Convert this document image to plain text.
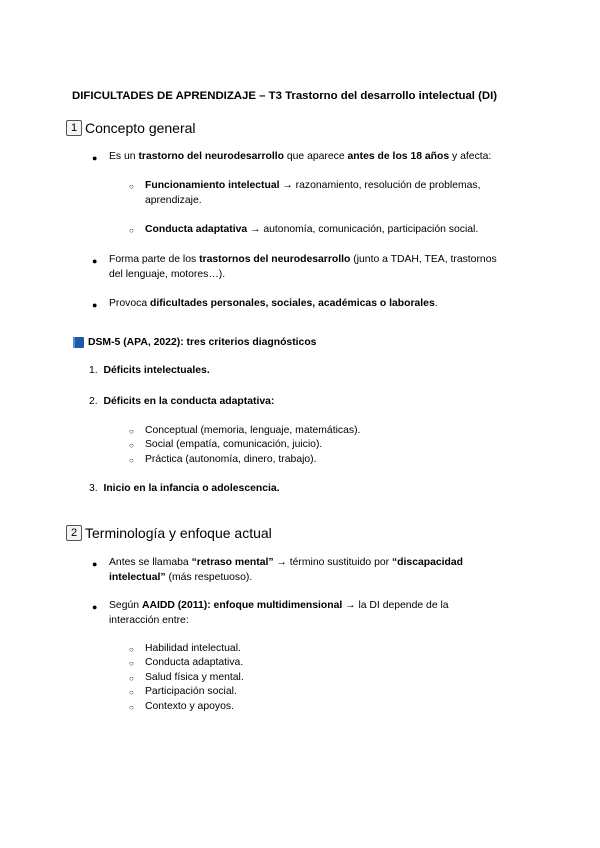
DIFICULTADES DE APRENDIZAJE – T3 Trastorno del desarrollo intelectual (DI)
1 Concepto general
● Es un trastorno del neurodesarrollo que aparece antes de los 18 años y afecta:
○ Funcionamiento intelectual → razonamiento, resolución de problemas,
aprendizaje.
○ Conducta adaptativa → autonomía, comunicación, participación social.
● Forma parte de los trastornos del neurodesarrollo (junto a TDAH, TEA, trastornos
del lenguaje, motores…).
● Provoca dificultades personales, sociales, académicas o laborales.
DSM-5 (APA, 2022): tres criterios diagnósticos
1. Déficits intelectuales.
2. Déficits en la conducta adaptativa:
○ Conceptual (memoria, lenguaje, matemáticas).
○ Social (empatía, comunicación, juicio).
○ Práctica (autonomía, dinero, trabajo).
3. Inicio en la infancia o adolescencia.
2 Terminología y enfoque actual
● Antes se llamaba “retraso mental” → término sustituido por “discapacidad
intelectual” (más respetuoso).
● Según AAIDD (2011): enfoque multidimensional → la DI depende de la
interacción entre:
○ Habilidad intelectual.
○ Conducta adaptativa.
○ Salud física y mental.
○ Participación social.
○ Contexto y apoyos.
